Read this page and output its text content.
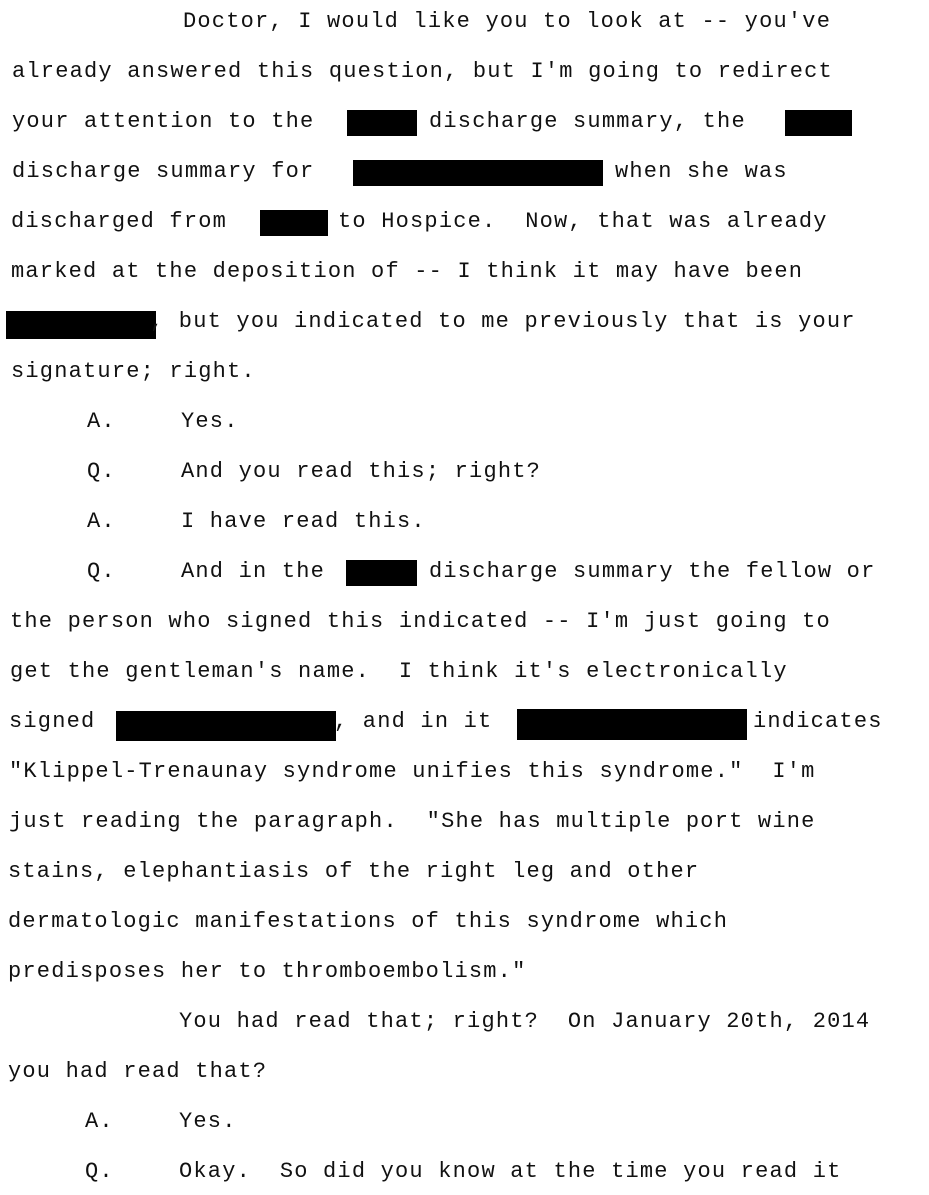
Doctor, I would like you to look at -- you've
already answered this question, but I'm going to redirect
your attention to the	discharge summary, the
discharge summary for	when she was
discharged from	to Hospice.  Now, that was already
marked at the deposition of -- I think it may have been
, but you indicated to me previously that is your
signature; right.
A.	Yes.
Q.	And you read this; right?
A.	I have read this.
Q.	And in the	discharge summary the fellow or
the person who signed this indicated -- I'm just going to
get the gentleman's name.  I think it's electronically
signed	, and in it	indicates
"Klippel-Trenaunay syndrome unifies this syndrome."  I'm
just reading the paragraph.  "She has multiple port wine
stains, elephantiasis of the right leg and other
dermatologic manifestations of this syndrome which
predisposes her to thromboembolism."
You had read that; right?  On January 20th, 2014
you had read that?
A.	Yes.
Q.	Okay.  So did you know at the time you read it
